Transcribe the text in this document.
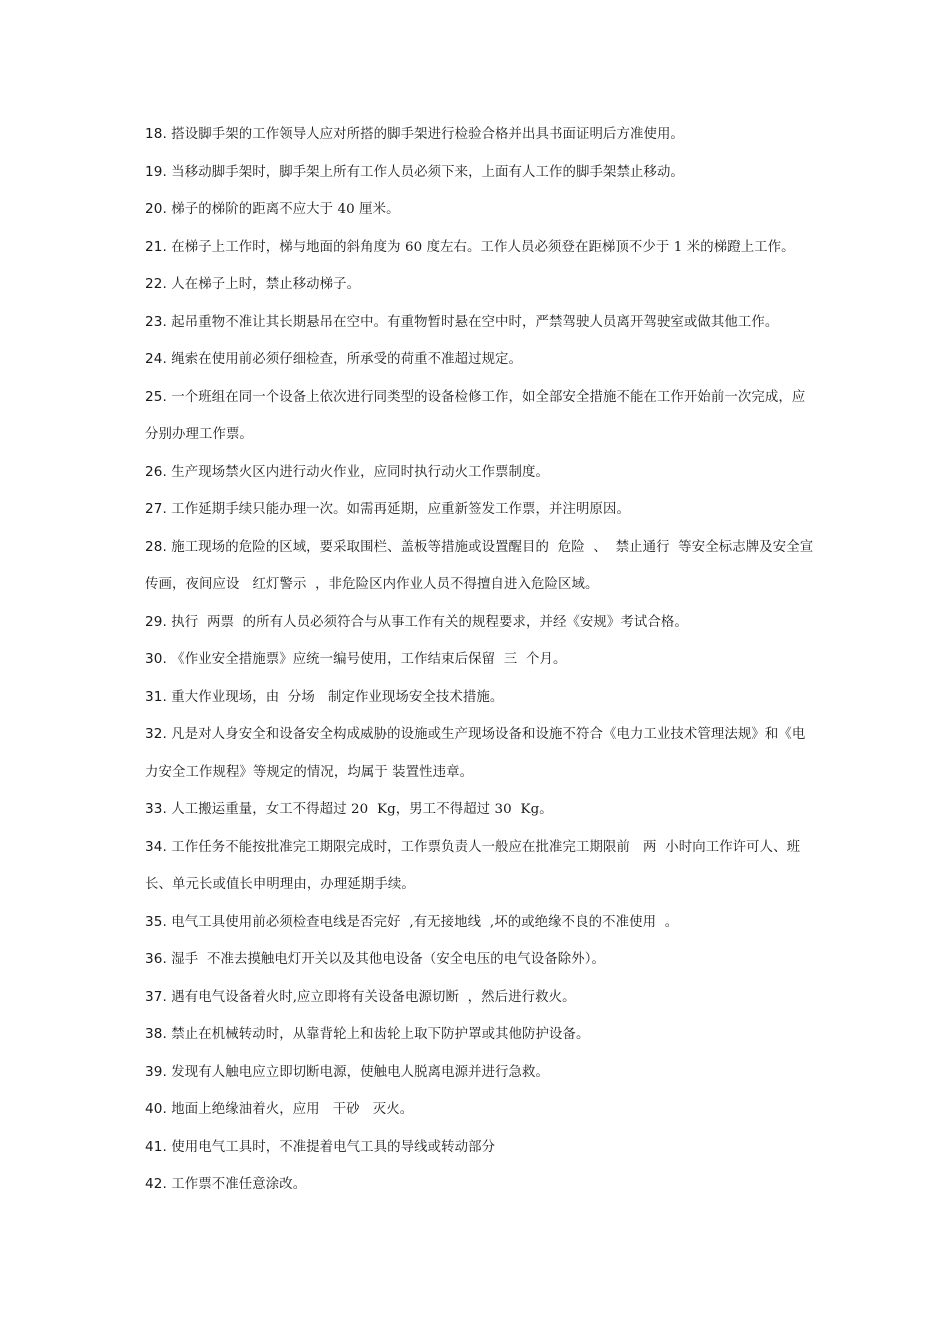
18. 搭设脚手架的工作领导人应对所搭的脚手架进行检验合格并出具书面证明后方准使用。

19. 当移动脚手架时，脚手架上所有工作人员必须下来，上面有人工作的脚手架禁止移动。

20. 梯子的梯阶的距离不应大于 40 厘米。

21. 在梯子上工作时，梯与地面的斜角度为 60 度左右。工作人员必须登在距梯顶不少于 1 米的梯蹬上工作。

22. 人在梯子上时，禁止移动梯子。

23. 起吊重物不准让其长期悬吊在空中。有重物暂时悬在空中时，严禁驾驶人员离开驾驶室或做其他工作。

24. 绳索在使用前必须仔细检查，所承受的荷重不准超过规定。

25. 一个班组在同一个设备上依次进行同类型的设备检修工作，如全部安全措施不能在工作开始前一次完成，应分别办理工作票。

26. 生产现场禁火区内进行动火作业，应同时执行动火工作票制度。

27. 工作延期手续只能办理一次。如需再延期，应重新签发工作票，并注明原因。

28. 施工现场的危险的区域，要采取围栏、盖板等措施或设置醒目的  危险  、  禁止通行  等安全标志牌及安全宣传画，夜间应设   红灯警示  ，非危险区内作业人员不得擅自进入危险区域。

29. 执行  两票  的所有人员必须符合与从事工作有关的规程要求，并经《安规》考试合格。

30. 《作业安全措施票》应统一编号使用，工作结束后保留  三  个月。

31. 重大作业现场，由  分场   制定作业现场安全技术措施。

32. 凡是对人身安全和设备安全构成威胁的设施或生产现场设备和设施不符合《电力工业技术管理法规》和《电力安全工作规程》等规定的情况，均属于 装置性违章。

33. 人工搬运重量，女工不得超过 20  Kg，男工不得超过 30  Kg。

34. 工作任务不能按批准完工期限完成时，工作票负责人一般应在批准完工期限前   两  小时向工作许可人、班长、单元长或值长申明理由，办理延期手续。

35. 电气工具使用前必须检查电线是否完好  ,有无接地线  ,坏的或绝缘不良的不准使用  。

36. 湿手  不准去摸触电灯开关以及其他电设备（安全电压的电气设备除外）。

37. 遇有电气设备着火时,应立即将有关设备电源切断  ，然后进行救火。

38. 禁止在机械转动时，从靠背轮上和齿轮上取下防护罩或其他防护设备。

39. 发现有人触电应立即切断电源，使触电人脱离电源并进行急救。

40. 地面上绝缘油着火，应用   干砂   灭火。

41. 使用电气工具时，不准提着电气工具的导线或转动部分

42. 工作票不准任意涂改。
